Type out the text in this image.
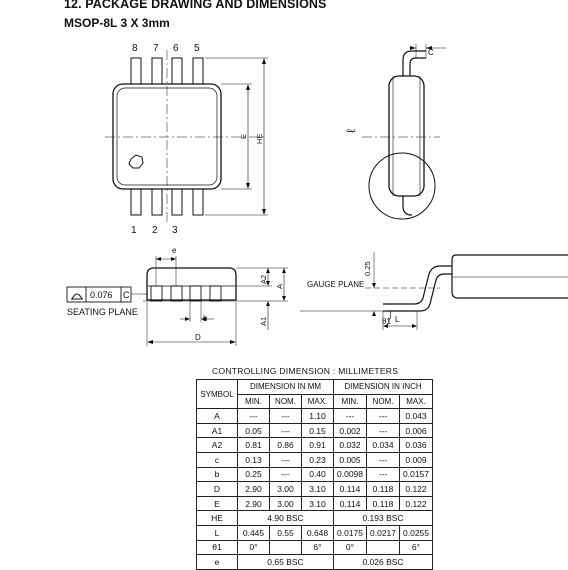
12. PACKAGE DRAWING AND DIMENSIONS
MSOP-8L 3 X 3mm
1 2 3
8 7 6 5
E HE
C
ℓ
e
b
D
A2
A
A1
0.076 C
SEATING PLANE
GAUGE PLANE
0.25
L
θ1
CONTROLLING DIMENSION : MILLIMETERS
SYMBOL	DIMENSION IN MM			DIMENSION IN INCH		
	MIN.	NOM.	MAX.	MIN.	NOM.	MAX.
A	---	---	1.10	---	---	0.043
A1	0.05	---	0.15	0.002	---	0.006
A2	0.81	0.86	0.91	0.032	0.034	0.036
c	0.13	---	0.23	0.005	---	0.009
b	0.25	---	0.40	0.0098	---	0.0157
D	2.90	3.00	3.10	0.114	0.118	0.122
E	2.90	3.00	3.10	0.114	0.118	0.122
HE	4.90 BSC			0.193 BSC		
L	0.445	0.55	0.648	0.0175	0.0217	0.0255
θ1	0°		6°	0°		6°
e	0.65 BSC			0.026 BSC		
